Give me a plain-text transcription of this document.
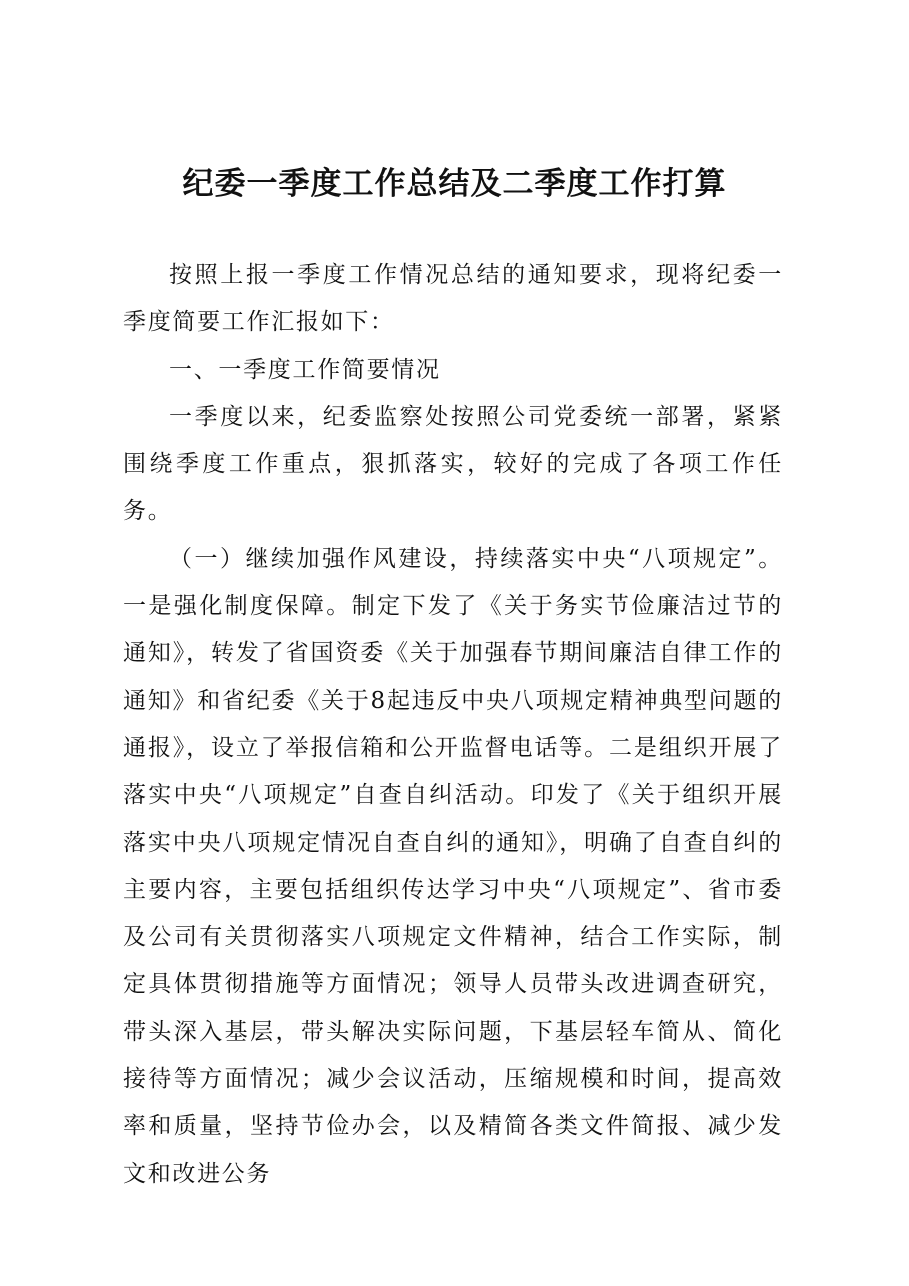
纪委一季度工作总结及二季度工作打算

按照上报一季度工作情况总结的通知要求，现将纪委一季度简要工作汇报如下：

一、一季度工作简要情况

一季度以来，纪委监察处按照公司党委统一部署，紧紧围绕季度工作重点，狠抓落实，较好的完成了各项工作任务。

（一）继续加强作风建设，持续落实中央“八项规定”。一是强化制度保障。制定下发了《关于务实节俭廉洁过节的通知》，转发了省国资委《关于加强春节期间廉洁自律工作的通知》和省纪委《关于8起违反中央八项规定精神典型问题的通报》，设立了举报信箱和公开监督电话等。二是组织开展了落实中央“八项规定”自查自纠活动。印发了《关于组织开展落实中央八项规定情况自查自纠的通知》，明确了自查自纠的主要内容，主要包括组织传达学习中央“八项规定”、省市委及公司有关贯彻落实八项规定文件精神，结合工作实际，制定具体贯彻措施等方面情况；领导人员带头改进调查研究，带头深入基层，带头解决实际问题，下基层轻车简从、简化接待等方面情况；减少会议活动，压缩规模和时间，提高效率和质量，坚持节俭办会，以及精简各类文件简报、减少发文和改进公务
